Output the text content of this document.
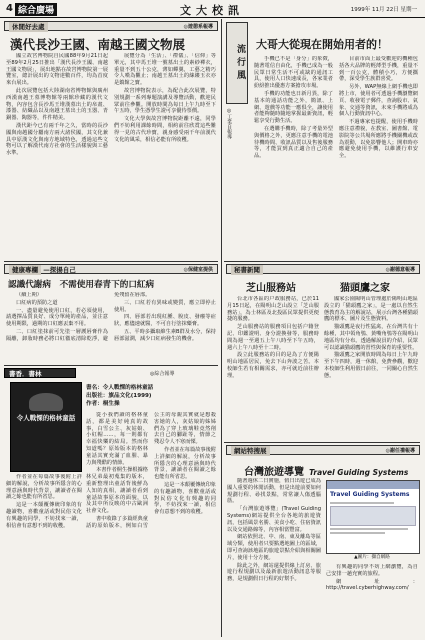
4 綜合廣場	文大校訊	1999年 11月 22日 星期一
休閒好去處	◎遊憩系報導
漢代長沙王國、南越王國文物展

國立故宮博物院自民國88年9月21日起至89年2月25日推出「漢代長沙王國、南越王國文物展」，展出地點在故宮博物院第一展覽室，總計展出的文物達數百件，均為首度來台展出。

此次展覽包括大陸湖南省博物館與廣州西漢南越王墓博物館等兩館珍藏的漢代文物，內容包含長沙馬王堆漢墓出土的帛畫、漆器、紡織品以及南越王墓出土的玉器、青銅器、陶器等，件件精美。

漢代距今已有兩千年之久，當時的長沙國與南越國分屬南方兩大諸侯國，其文化兼具中原漢文化與南方地域特色，透過這些文物可以了解漢代南方社會的生活樣貌與工藝水準。

展覽分為「生活」、「禮儀」、「信仰」等單元，其中馬王堆一號墓出土的素紗襌衣，重量不到五十公克，薄如蟬翼，工藝之精巧令人嘆為觀止；南越王墓出土的絲縷玉衣亦是鎮館之寶。

故宮博物院表示，為配合此次展覽，特別規劃一系列專題演講及導覽活動，歡迎民眾前往參觀。開放時間為每日上午九時至下午五時，學生憑學生證可享優待票價。

文化大學與故宮博物院距離不遠，同學們不妨利用課餘時間，相約前往欣賞這些難得一見的古代珍寶，親身感受兩千年前漢代文化的風采，相信必能有所收穫。

健康專欄 —探揚自己	◎保健室提供
認識代謝病　不需使用春青下的口紅病

（續上期）

口紅病的預防之道

一、盡量避免使用口紅，若必須使用，請選擇品質良好、成分單純的產品，並注意使用期限，過期的口紅應丟棄不用。

二、口紅塗抹前可先塗一層護唇膏作為隔離，卸妝時務必將口紅徹底清除乾淨，避免殘留在唇部。

三、口紅若有異味或變質，應立即停止使用。

四、唇部若出現紅腫、脫皮、發癢等症狀，應儘速就醫，不可自行塗抹藥膏。

五、平時多攝取維生素B群及水分，保持唇部滋潤，減少口紅病發生的機會。

書香．書林	◎綜合報導
令人戰慄的格林童話
書名：令人戰慄的格林童話
出版社：旗品文化(1999)
作者：桐生操

從小我們讀的格林童話，都是美好純真的故事，白雪公主、灰姑娘、小紅帽……，每一則都有幸福快樂的結局。然而你知道嗎？原始版本的格林童話其實充滿了血腥、暴力與殘酷的情節。

本書作者桐生操根據格林兄弟最初蒐集的版本，重新整理出童話背後鮮為人知的真相，讓讀者看到童話故事原本的面貌，以及其中所反映的中古歐洲社會文化。

書中收錄了多篇經典童話的原始版本，例如白雪公主的母親其實就是想殺害她的人，灰姑娘的姊姊們為了穿上玻璃鞋竟然削去自己的腳趾等，情節之殘忍令人不寒而慄。

作者並在每篇故事後附上詳細的解說，分析故事所隱含的心理意涵與時代背景，讓讀者在閱讀之餘也能有所省思。

這是一本顛覆傳統印象的有趣讀物，喜歡童話或對民俗文化有興趣的同學，不妨找來一讀，相信會有意想不到的收穫。

作者並在每篇故事後附上詳細的解說，分析故事所隱含的心理意涵與時代背景，讓讀者在閱讀之餘也能有所省思。

這是一本顛覆傳統印象的有趣讀物，喜歡童話或對民俗文化有興趣的同學，不妨找來一讀，相信會有意想不到的收穫。

流行風
◎工業自報導
大哥大從現在開始用者的！

手機已不是「身分」的象徵，隨著電信自由化，手機已成為一般民眾日常生活不可或缺的通訊工具，使用人口快速成長，各家業者紛紛推出優惠方案搶攻市場。

手機的功能也日新月異，除了基本的通話功能之外，簡訊、上網、遊戲等功能一應俱全，讓使用者能夠隨時隨地掌握最新資訊，輕鬆享受行動生活。

在選購手機時，除了考量外型與價格之外，更應注意手機的電池待機時間、收訊品質以及售後服務等，才能買到真正適合自己的產品。

目前市面上最受歡迎的機種包括各大品牌的輕薄型手機，重量不到一百公克，體積小巧，方便攜帶，深受學生族群喜愛。

另外，WAP無線上網手機也即將上市，使用者可透過手機瀏覽網頁、收發電子郵件，查詢股市、氣象、交通等資訊，未來手機將成為個人行動資訊中心。

不過專家也提醒，使用手機時應注意禮貌，在教室、圖書館、電影院等公共場所應將手機關機或改為震動，以免影響他人；開車時亦應避免使用手機，以維護行車安全。

秘書新聞	◎謝德意報導
芝山服務站	猫頭鷹之家

台北市各區的户政服務站，已於11月15日起，在陽明山芝山設立「芝山服務站」，為士林區及北投區民眾提供更便捷的服務。

芝山服務站的服務項目包括户籍登記、印鑑證明、身分證換發等，服務時間為週一至週五上午八時至下午五時，週六上午八時至十二時。

設立此服務站的目的是為了方便陽明山地區居民，免去下山奔波之苦。本校師生若有相關需求，亦可就近前往辦理。

國家公園陽明山管理處於陽明山地區設立的「猫頭鷹之家」，是一處以自然生態教育為主的解說站，展示台灣各種猫頭鷹的標本、圖片及生態資料。

猫頭鷹是夜行性猛禽，在台灣共有十餘種，其中領角鴞、黃嘴角鴞等在陽明山地區均有分布。透過解說員的介紹，民眾可以認識猫頭鷹的習性與保育的重要性。

猫頭鷹之家開放時間為每日上午九時至下午四時，週一休館，免費參觀，歡迎本校師生利用假日前往，一同關心自然生態。

網站特搜展	◎謝任禮報導
台灣旅遊導覽 Travel Guiding Systems

隨著週休二日實施，假日出遊已成為國人重要的休閒活動，但是出遊前要如何規劃行程、尋找景點，常常讓人傷透腦筋。

「台灣旅遊導覽」(Travel Guiding Systems)網站提供全台各地的旅遊資訊，包括風景名勝、美食小吃、住宿資訊以及交通路線等，內容相當豐富。

網站依照北、中、南、東及離島等區域分類，使用者只要點選地圖上的區域，即可查詢該地區的旅遊景點介紹與相關圖片，使用十分方便。

除此之外，網站還提供線上訂房、旅遊行程規劃以及最新旅遊活動訊息等服務，是規劃假日行程的好幫手。

Travel Guiding Systems
▲圖片：擷自網路

有興趣的同學不妨上網瀏覽，為自己安排一趟充實的旅程。

網址：http://travel.cyberhighway.com/
